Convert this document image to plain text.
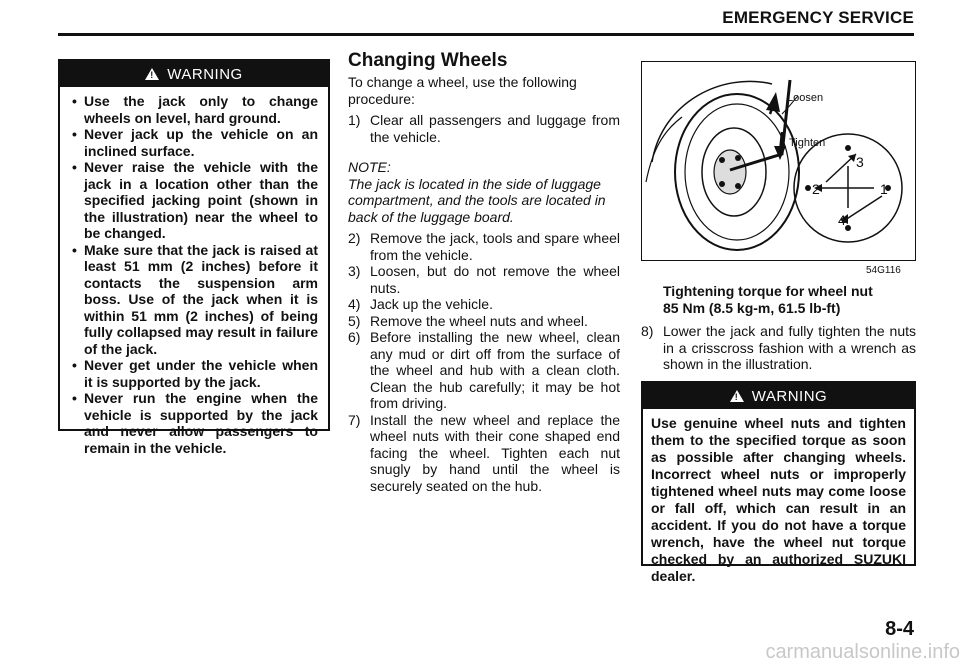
EMERGENCY SERVICE
!
WARNING
• Use the jack only to change wheels on level, hard ground.
• Never jack up the vehicle on an inclined surface.
• Never raise the vehicle with the jack in a location other than the specified jacking point (shown in the illustration) near the wheel to be changed.
• Make sure that the jack is raised at least 51 mm (2 inches) before it contacts the suspension arm boss. Use of the jack when it is within 51 mm (2 inches) of being fully collapsed may result in failure of the jack.
• Never get under the vehicle when it is supported by the jack.
• Never run the engine when the vehicle is supported by the jack and never allow passengers to remain in the vehicle.
Changing Wheels
To change a wheel, use the following procedure:
1) Clear all passengers and luggage from the vehicle.
NOTE:
The jack is located in the side of luggage compartment, and the tools are located in back of the luggage board.
2) Remove the jack, tools and spare wheel from the vehicle.
3) Loosen, but do not remove the wheel nuts.
4) Jack up the vehicle.
5) Remove the wheel nuts and wheel.
6) Before installing the new wheel, clean any mud or dirt off from the surface of the wheel and hub with a clean cloth. Clean the hub carefully; it may be hot from driving.
7) Install the new wheel and replace the wheel nuts with their cone shaped end facing the wheel. Tighten each nut snugly by hand until the wheel is securely seated on the hub.
Loosen
Tighten
1
2
3
4
54G116
Tightening torque for wheel nut
85 Nm (8.5 kg-m, 61.5 lb-ft)
8) Lower the jack and fully tighten the nuts in a crisscross fashion with a wrench as shown in the illustration.
!
WARNING
Use genuine wheel nuts and tighten them to the specified torque as soon as possible after changing wheels. Incorrect wheel nuts or improperly tightened wheel nuts may come loose or fall off, which can result in an accident. If you do not have a torque wrench, have the wheel nut torque checked by an authorized SUZUKI dealer.
8-4
carmanualsonline.info
